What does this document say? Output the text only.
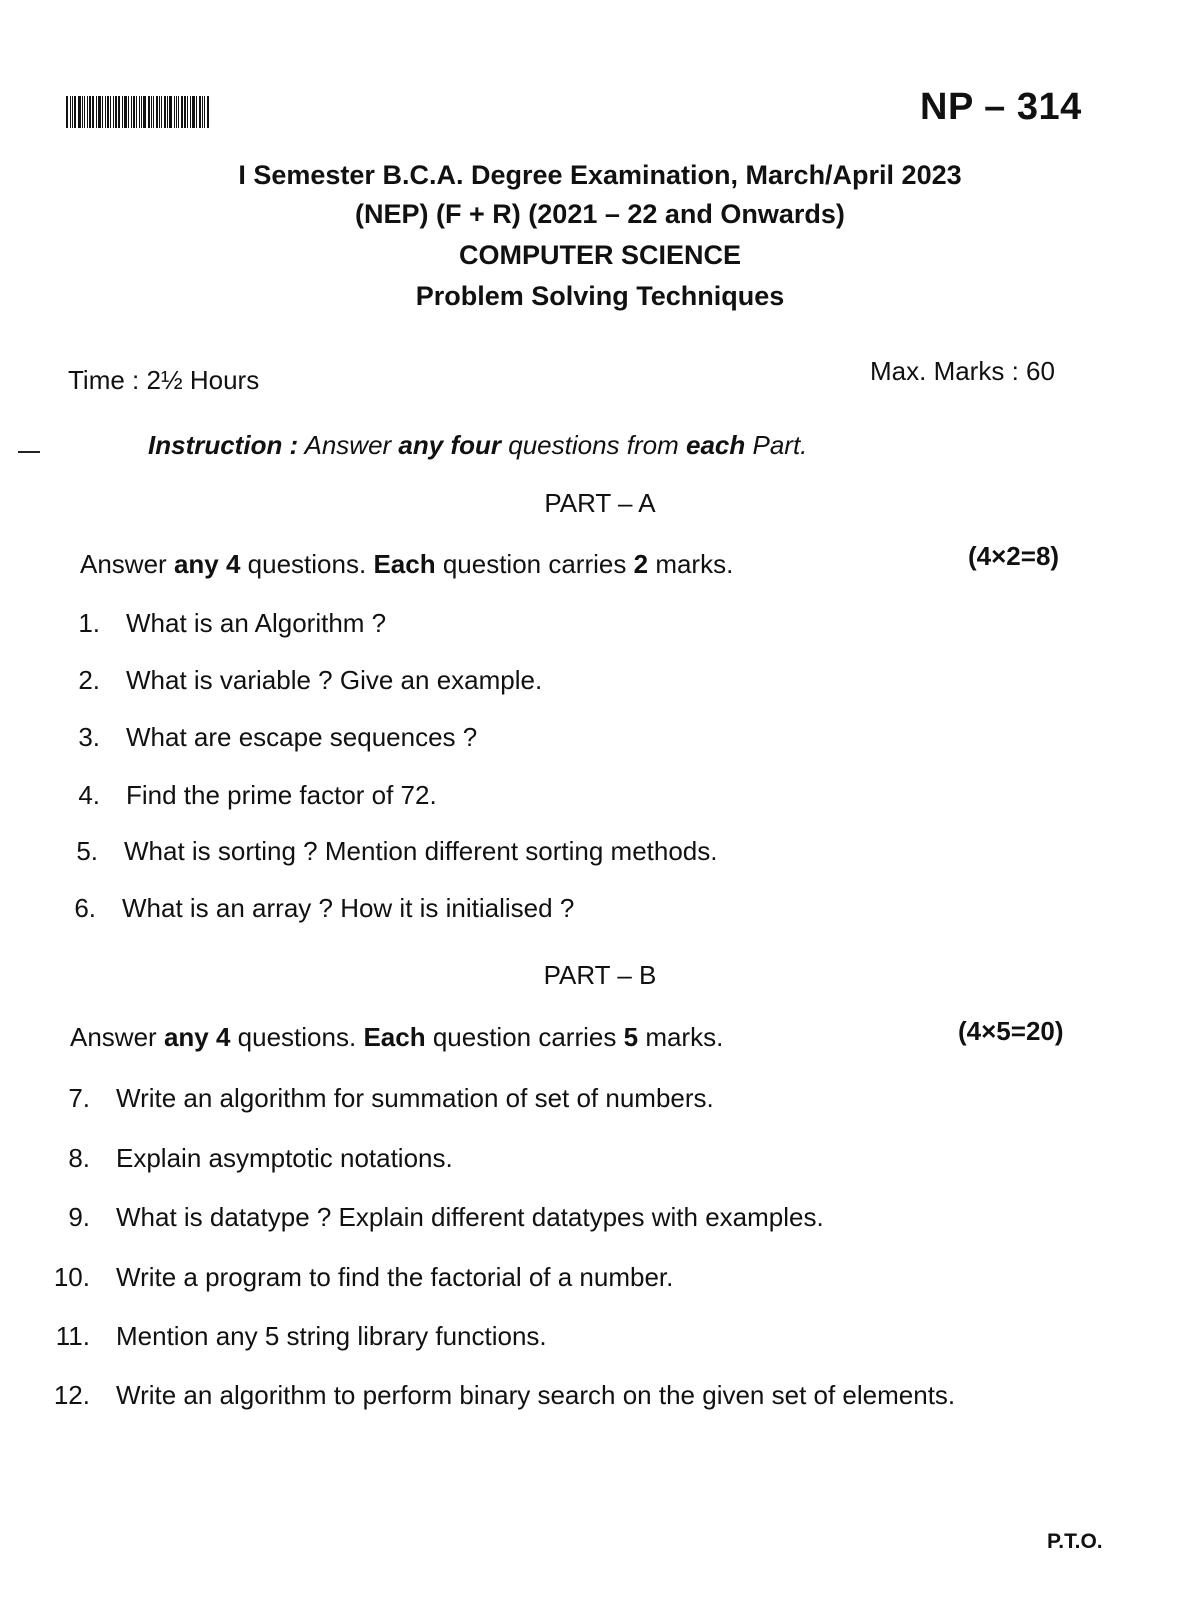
NP – 314
I Semester B.C.A. Degree Examination, March/April 2023
(NEP) (F + R) (2021 – 22 and Onwards)
COMPUTER SCIENCE
Problem Solving Techniques
Time : 2½ Hours	Max. Marks : 60
Instruction : Answer any four questions from each Part.
PART – A
Answer any 4 questions. Each question carries 2 marks.	(4×2=8)
1. What is an Algorithm ?
2. What is variable ? Give an example.
3. What are escape sequences ?
4. Find the prime factor of 72.
5. What is sorting ? Mention different sorting methods.
6. What is an array ? How it is initialised ?
PART – B
Answer any 4 questions. Each question carries 5 marks.	(4×5=20)
7. Write an algorithm for summation of set of numbers.
8. Explain asymptotic notations.
9. What is datatype ? Explain different datatypes with examples.
10. Write a program to find the factorial of a number.
11. Mention any 5 string library functions.
12. Write an algorithm to perform binary search on the given set of elements.
P.T.O.
